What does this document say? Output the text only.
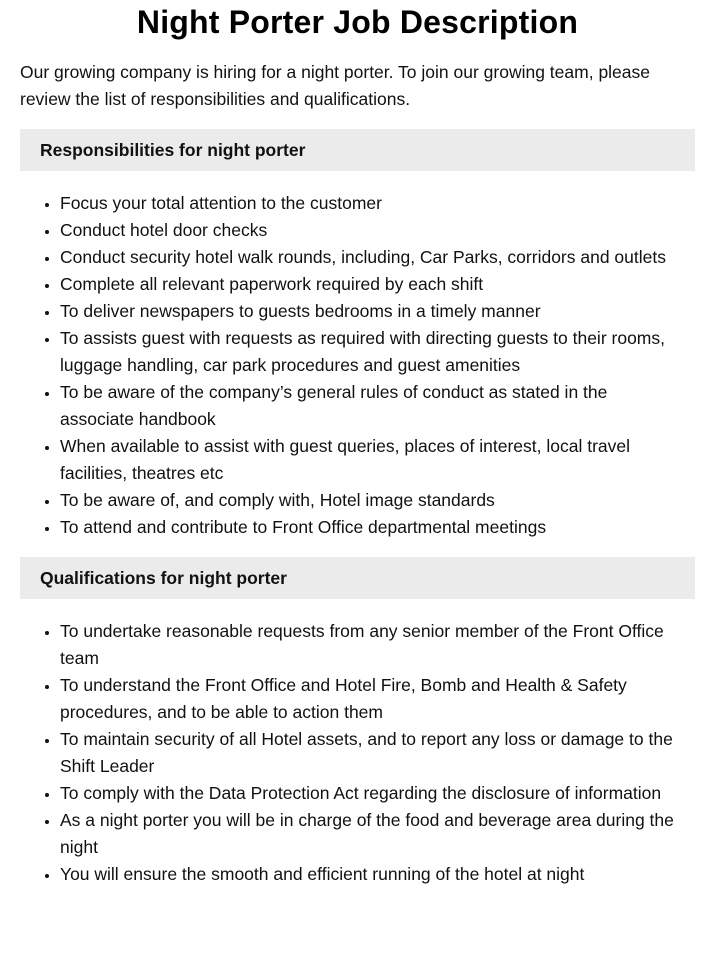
Night Porter Job Description

Our growing company is hiring for a night porter. To join our growing team, please review the list of responsibilities and qualifications.

Responsibilities for night porter
• Focus your total attention to the customer
• Conduct hotel door checks
• Conduct security hotel walk rounds, including, Car Parks, corridors and outlets
• Complete all relevant paperwork required by each shift
• To deliver newspapers to guests bedrooms in a timely manner
• To assists guest with requests as required with directing guests to their rooms, luggage handling, car park procedures and guest amenities
• To be aware of the company’s general rules of conduct as stated in the associate handbook
• When available to assist with guest queries, places of interest, local travel facilities, theatres etc
• To be aware of, and comply with, Hotel image standards
• To attend and contribute to Front Office departmental meetings
Qualifications for night porter
• To undertake reasonable requests from any senior member of the Front Office team
• To understand the Front Office and Hotel Fire, Bomb and Health & Safety procedures, and to be able to action them
• To maintain security of all Hotel assets, and to report any loss or damage to the Shift Leader
• To comply with the Data Protection Act regarding the disclosure of information
• As a night porter you will be in charge of the food and beverage area during the night
• You will ensure the smooth and efficient running of the hotel at night
